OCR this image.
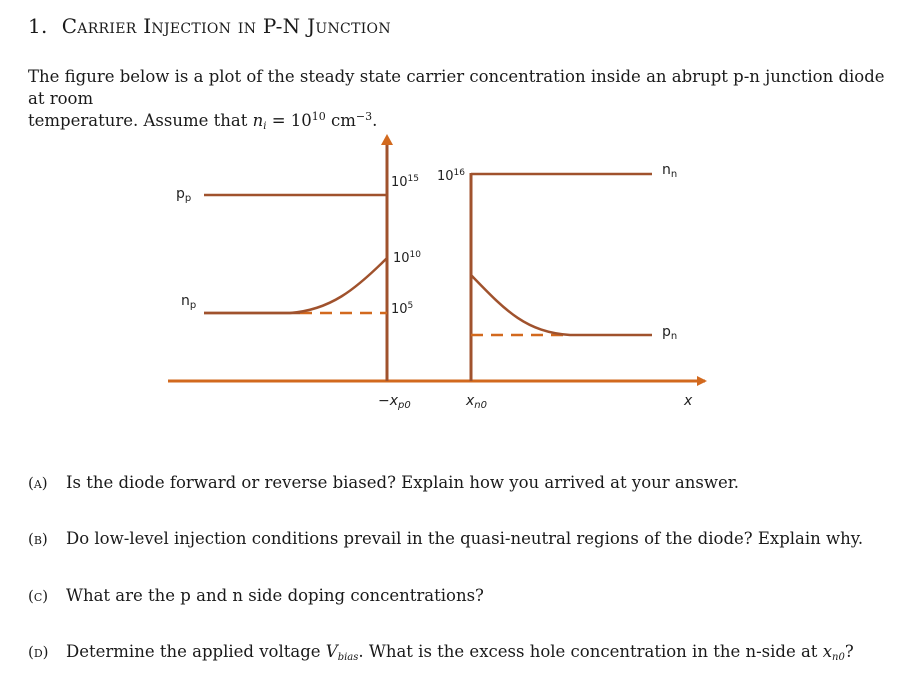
1. Carrier Injection in P-N Junction
The figure below is a plot of the steady state carrier concentration inside an abrupt p-n junction diode at room
temperature. Assume that $n_i = 10^{10}$ $cm^{-3}$.
$p_p$
$n_p$
$n_n$
$p_n$
$10^{15}$ $10^{16}$
$10^{10}$
$10^5$
$-x_{p0}$	$x_{n0}$	x
(a) Is the diode forward or reverse biased? Explain how you arrived at your answer.
(b) Do low-level injection conditions prevail in the quasi-neutral regions of the diode? Explain why.
(c) What are the p and n side doping concentrations?
(d) Determine the applied voltage $V_{bias}$. What is the excess hole concentration in the n-side at $x_{n0}$?
